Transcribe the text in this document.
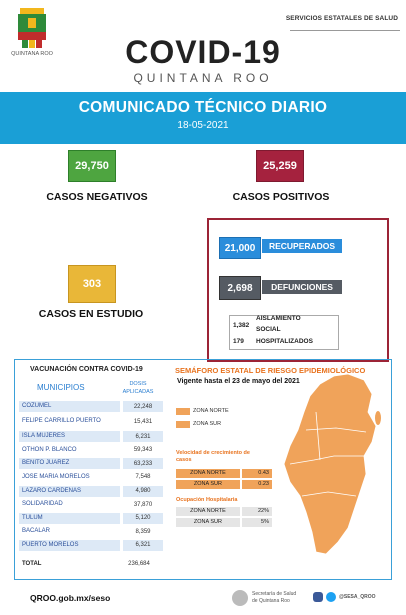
QUINTANA ROO
SERVICIOS ESTATALES DE SALUD
COVID-19
QUINTANA ROO
COMUNICADO TÉCNICO DIARIO
18-05-2021
29,750
CASOS NEGATIVOS
25,259
CASOS POSITIVOS
21,000	RECUPERADOS
2,698	DEFUNCIONES
1,382
AISLAMIENTO
SOCIAL
179 HOSPITALIZADOS
303
CASOS EN ESTUDIO
VACUNACIÓN CONTRA COVID-19
MUNICIPIOS	DOSIS
APLICADAS
COZUMEL	22,248
FELIPE CARRILLO PUERTO	15,431
ISLA MUJERES	6,231
OTHON P. BLANCO	59,343
BENITO JUAREZ	63,233
JOSE MARIA MORELOS	7,548
LAZARO CARDENAS	4,980
SOLIDARIDAD	37,870
TULUM	5,120
BACALAR	8,359
PUERTO MORELOS	6,321
TOTAL	236,684
SEMÁFORO ESTATAL DE RIESGO EPIDEMIOLÓGICO
Vigente hasta el 23 de mayo del 2021
ZONA NORTE
ZONA SUR
Velocidad de crecimiento de casos
ZONA NORTE	0.43
ZONA SUR	0.23
Ocupación Hospitalaria
ZONA NORTE	22%
ZONA SUR	5%
QROO.gob.mx/seso	Secretaría de Salud
de Quintana Roo
@SESA_QROO
